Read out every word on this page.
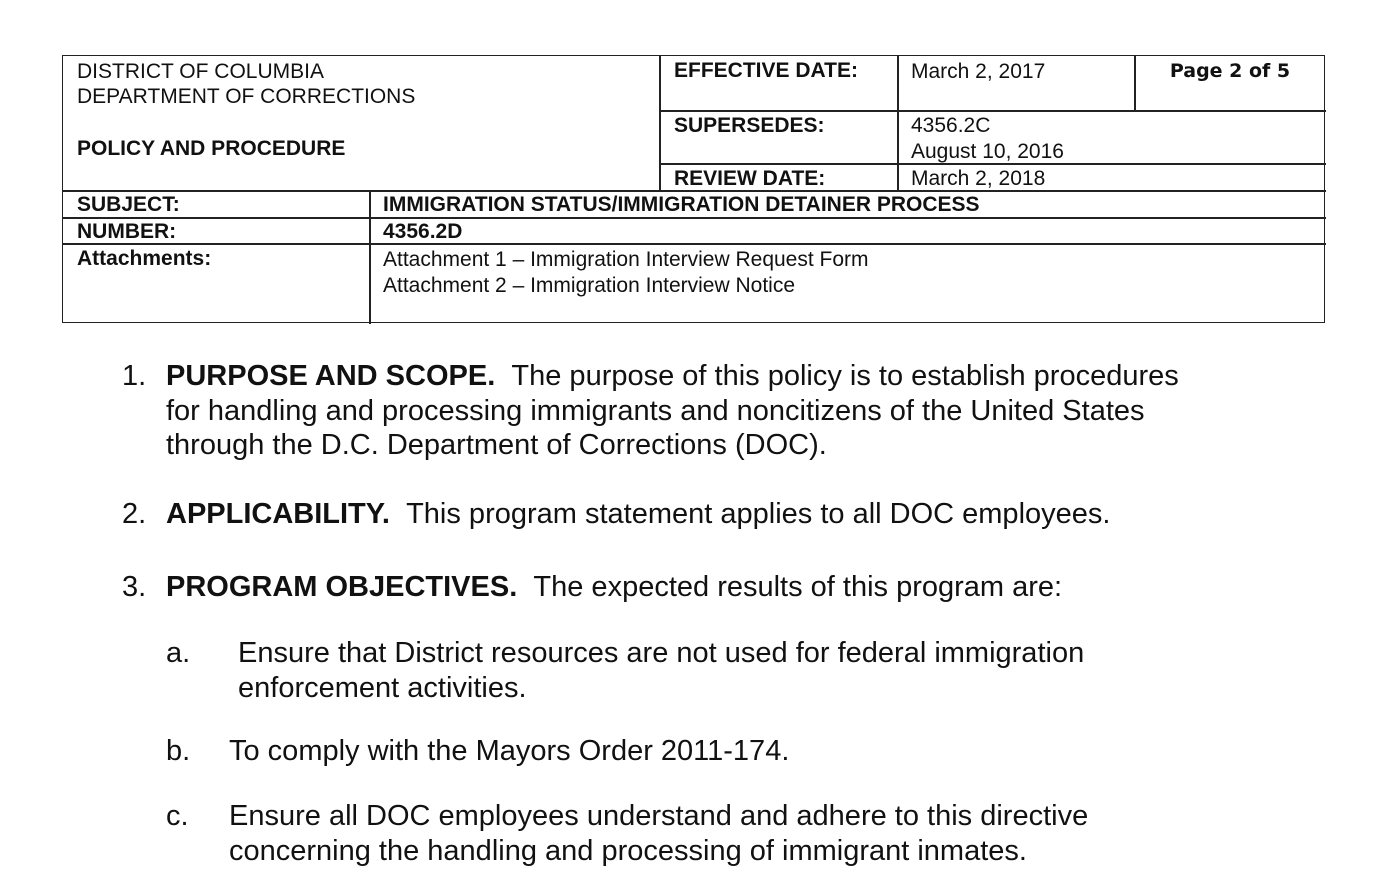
DISTRICT OF COLUMBIA
DEPARTMENT OF CORRECTIONS
POLICY AND PROCEDURE
EFFECTIVE DATE:	March 2, 2017	Page 2 of 5
SUPERSEDES:	4356.2C
August 10, 2016
REVIEW DATE:	March 2, 2018
SUBJECT:	IMMIGRATION STATUS/IMMIGRATION DETAINER PROCESS
NUMBER:	4356.2D
Attachments:	Attachment 1 – Immigration Interview Request Form
Attachment 2 – Immigration Interview Notice
1. PURPOSE AND SCOPE. The purpose of this policy is to establish procedures
for handling and processing immigrants and noncitizens of the United States
through the D.C. Department of Corrections (DOC).
2. APPLICABILITY. This program statement applies to all DOC employees.
3. PROGRAM OBJECTIVES. The expected results of this program are:
a. Ensure that District resources are not used for federal immigration
enforcement activities.
b. To comply with the Mayors Order 2011-174.
c. Ensure all DOC employees understand and adhere to this directive
concerning the handling and processing of immigrant inmates.
